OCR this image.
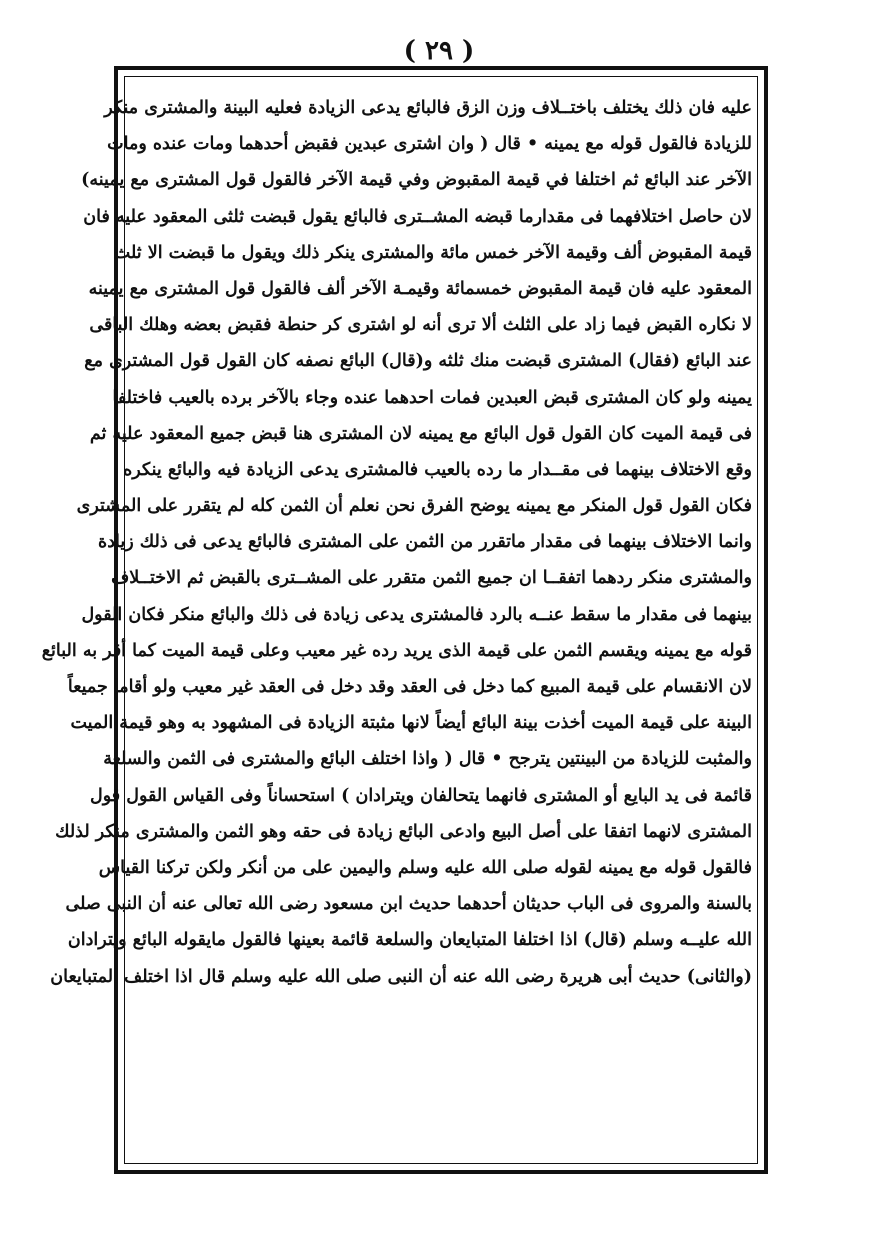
( ٢٩ )
عليه فان ذلك يختلف باختــلاف وزن الزق فالبائع يدعى الزيادة فعليه البينة والمشترى منكر
للزيادة فالقول قوله مع يمينه • قال ( وان اشترى عبدين فقبض أحدهما ومات عنده ومات
الآخر عند البائع ثم اختلفا في قيمة المقبوض وفي قيمة الآخر فالقول قول المشترى مع يمينه)
لان حاصل اختلافهما فى مقدارما قبضه المشــترى فالبائع يقول قبضت ثلثى المعقود عليه فان
قيمة المقبوض ألف وقيمة الآخر خمس مائة والمشترى ينكر ذلك ويقول ما قبضت الا ثلث
المعقود عليه فان قيمة المقبوض خمسمائة وقيمـة الآخر ألف فالقول قول المشترى مع يمينه
لا نكاره القبض فيما زاد على الثلث ألا ترى أنه لو اشترى كر حنطة فقبض بعضه وهلك الباقى
عند البائع (فقال) المشترى قبضت منك ثلثه و(قال) البائع نصفه كان القول قول المشترى مع
يمينه ولو كان المشترى قبض العبدين فمات احدهما عنده وجاء بالآخر برده بالعيب فاختلفا
فى قيمة الميت كان القول قول البائع مع يمينه لان المشترى هنا قبض جميع المعقود عليه ثم
وقع الاختلاف بينهما فى مقــدار ما رده بالعيب فالمشترى يدعى الزيادة فيه والبائع ينكره
فكان القول قول المنكر مع يمينه يوضح الفرق نحن نعلم أن الثمن كله لم يتقرر على المشترى
وانما الاختلاف بينهما فى مقدار ماتقرر من الثمن على المشترى فالبائع يدعى فى ذلك زيادة
والمشترى منكر ردهما اتفقــا ان جميع الثمن متقرر على المشــترى بالقبض ثم الاختــلاف
بينهما فى مقدار ما سقط عنــه بالرد فالمشترى يدعى زيادة فى ذلك والبائع منكر فكان القول
قوله مع يمينه ويقسم الثمن على قيمة الذى يريد رده غير معيب وعلى قيمة الميت كما أقر به البائع
لان الانقسام على قيمة المبيع كما دخل فى العقد وقد دخل فى العقد غير معيب ولو أقاما جميعاً
البينة على قيمة الميت أخذت بينة البائع أيضاً لانها مثبتة الزيادة فى المشهود به وهو قيمة الميت
والمثبت للزيادة من البينتين يترجح • قال ( واذا اختلف البائع والمشترى فى الثمن والسلعة
قائمة فى يد البايع أو المشترى فانهما يتحالفان ويترادان ) استحساناً وفى القياس القول قول
المشترى لانهما اتفقا على أصل البيع وادعى البائع زيادة فى حقه وهو الثمن والمشترى منكر لذلك
فالقول قوله مع يمينه لقوله صلى الله عليه وسلم واليمين على من أنكر ولكن تركنا القياس
بالسنة والمروى فى الباب حديثان أحدهما حديث ابن مسعود رضى الله تعالى عنه أن النبى صلى
الله عليــه وسلم (قال) اذا اختلفا المتبايعان والسلعة قائمة بعينها فالقول مايقوله البائع ويترادان
(والثانى) حديث أبى هريرة رضى الله عنه أن النبى صلى الله عليه وسلم قال اذا اختلف المتبايعان
